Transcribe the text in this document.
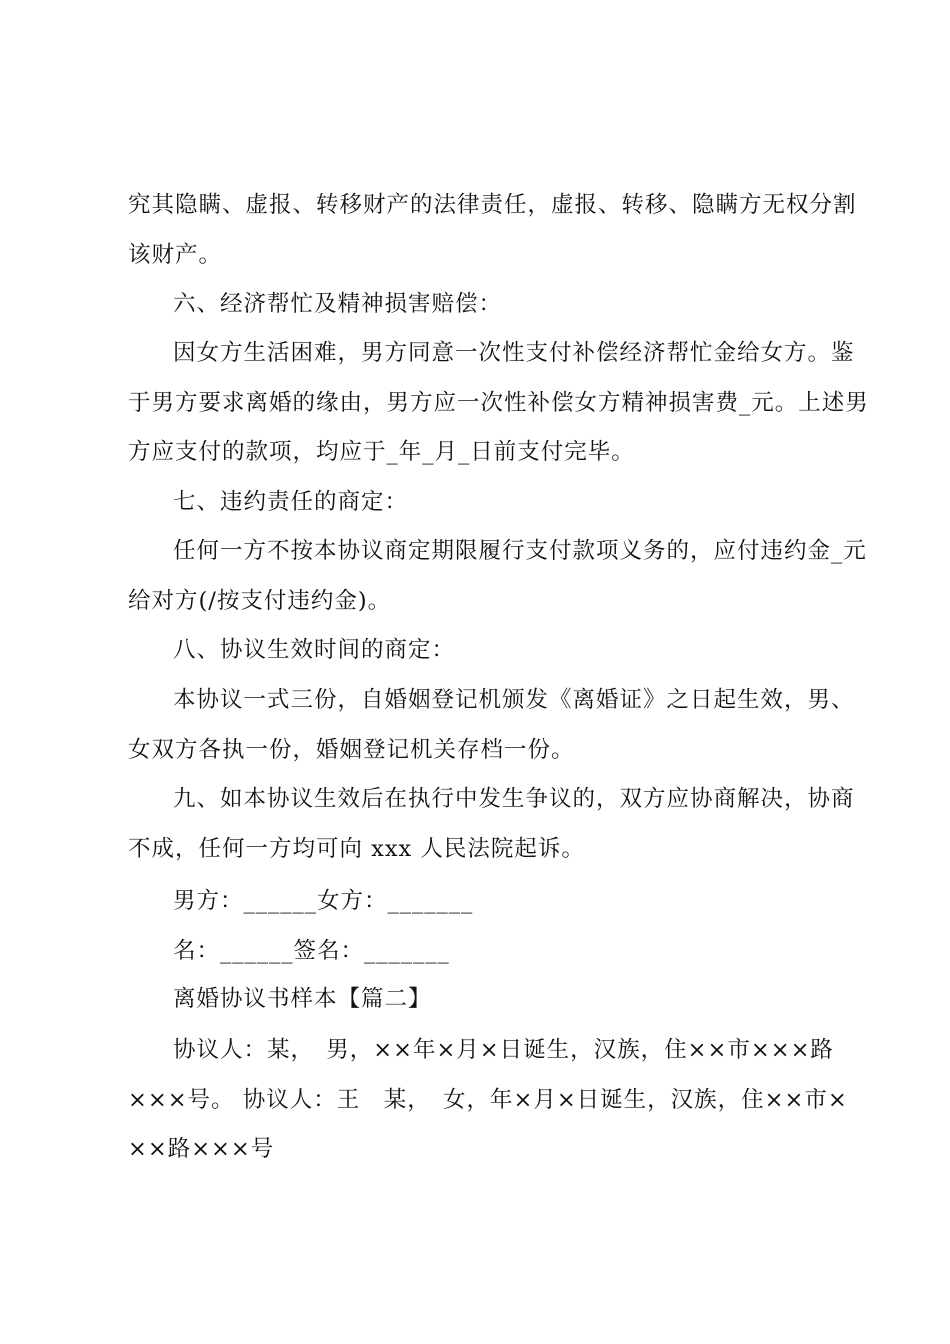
究其隐瞒、虚报、转移财产的法律责任，虚报、转移、隐瞒方无权分割
该财产。
六、经济帮忙及精神损害赔偿：
因女方生活困难，男方同意一次性支付补偿经济帮忙金给女方。鉴
于男方要求离婚的缘由，男方应一次性补偿女方精神损害费_元。上述男
方应支付的款项，均应于_年_月_日前支付完毕。
七、违约责任的商定：
任何一方不按本协议商定期限履行支付款项义务的，应付违约金_元
给对方(/按支付违约金)。
八、协议生效时间的商定：
本协议一式三份，自婚姻登记机颁发《离婚证》之日起生效，男、
女双方各执一份，婚姻登记机关存档一份。
九、如本协议生效后在执行中发生争议的，双方应协商解决，协商
不成，任何一方均可向 xxx 人民法院起诉。
男方：______女方：_______
名：______签名：_______
离婚协议书样本【篇二】
协议人：某，　男，××年×月×日诞生，汉族，住××市×××路
×××号。 协议人：王　某，　女，年×月×日诞生，汉族，住××市×
××路×××号
